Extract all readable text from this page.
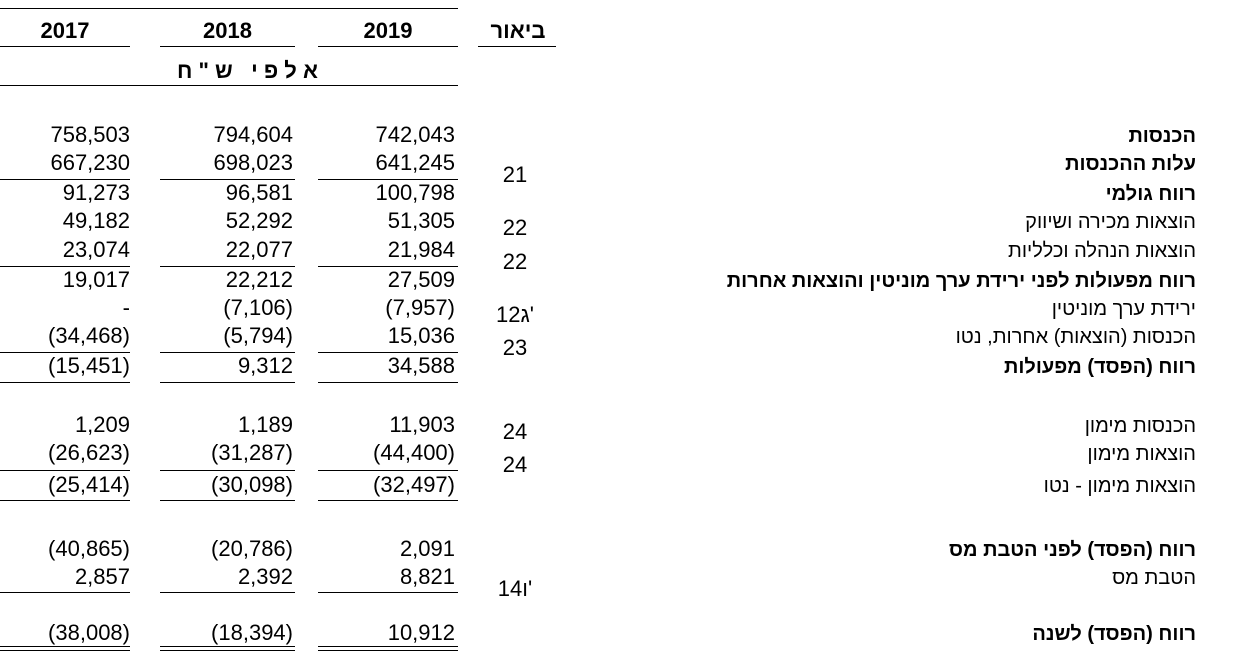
2017	2018	2019	ביאור
א ל פ י   ש " ח
758,503	794,604	742,043	הכנסות
667,230	698,023	641,245	21	עלות ההכנסות
91,273	96,581	100,798	רווח גולמי
49,182	52,292	51,305	22	הוצאות מכירה ושיווק
23,074	22,077	21,984	22	הוצאות הנהלה וכלליות
19,017	22,212	27,509	רווח מפעולות לפני ירידת ערך מוניטין והוצאות אחרות
-	(7,106)	(7,957)	12ג'	ירידת ערך מוניטין
(34,468)	(5,794)	15,036	23	הכנסות (הוצאות) אחרות, נטו
(15,451)	9,312	34,588	רווח (הפסד) מפעולות
1,209	1,189	11,903	24	הכנסות מימון
(26,623)	(31,287)	(44,400)	24	הוצאות מימון
(25,414)	(30,098)	(32,497)	הוצאות מימון - נטו
(40,865)	(20,786)	2,091	רווח (הפסד) לפני הטבת מס
2,857	2,392	8,821	14ו'	הטבת מס
(38,008)	(18,394)	10,912	רווח (הפסד) לשנה
